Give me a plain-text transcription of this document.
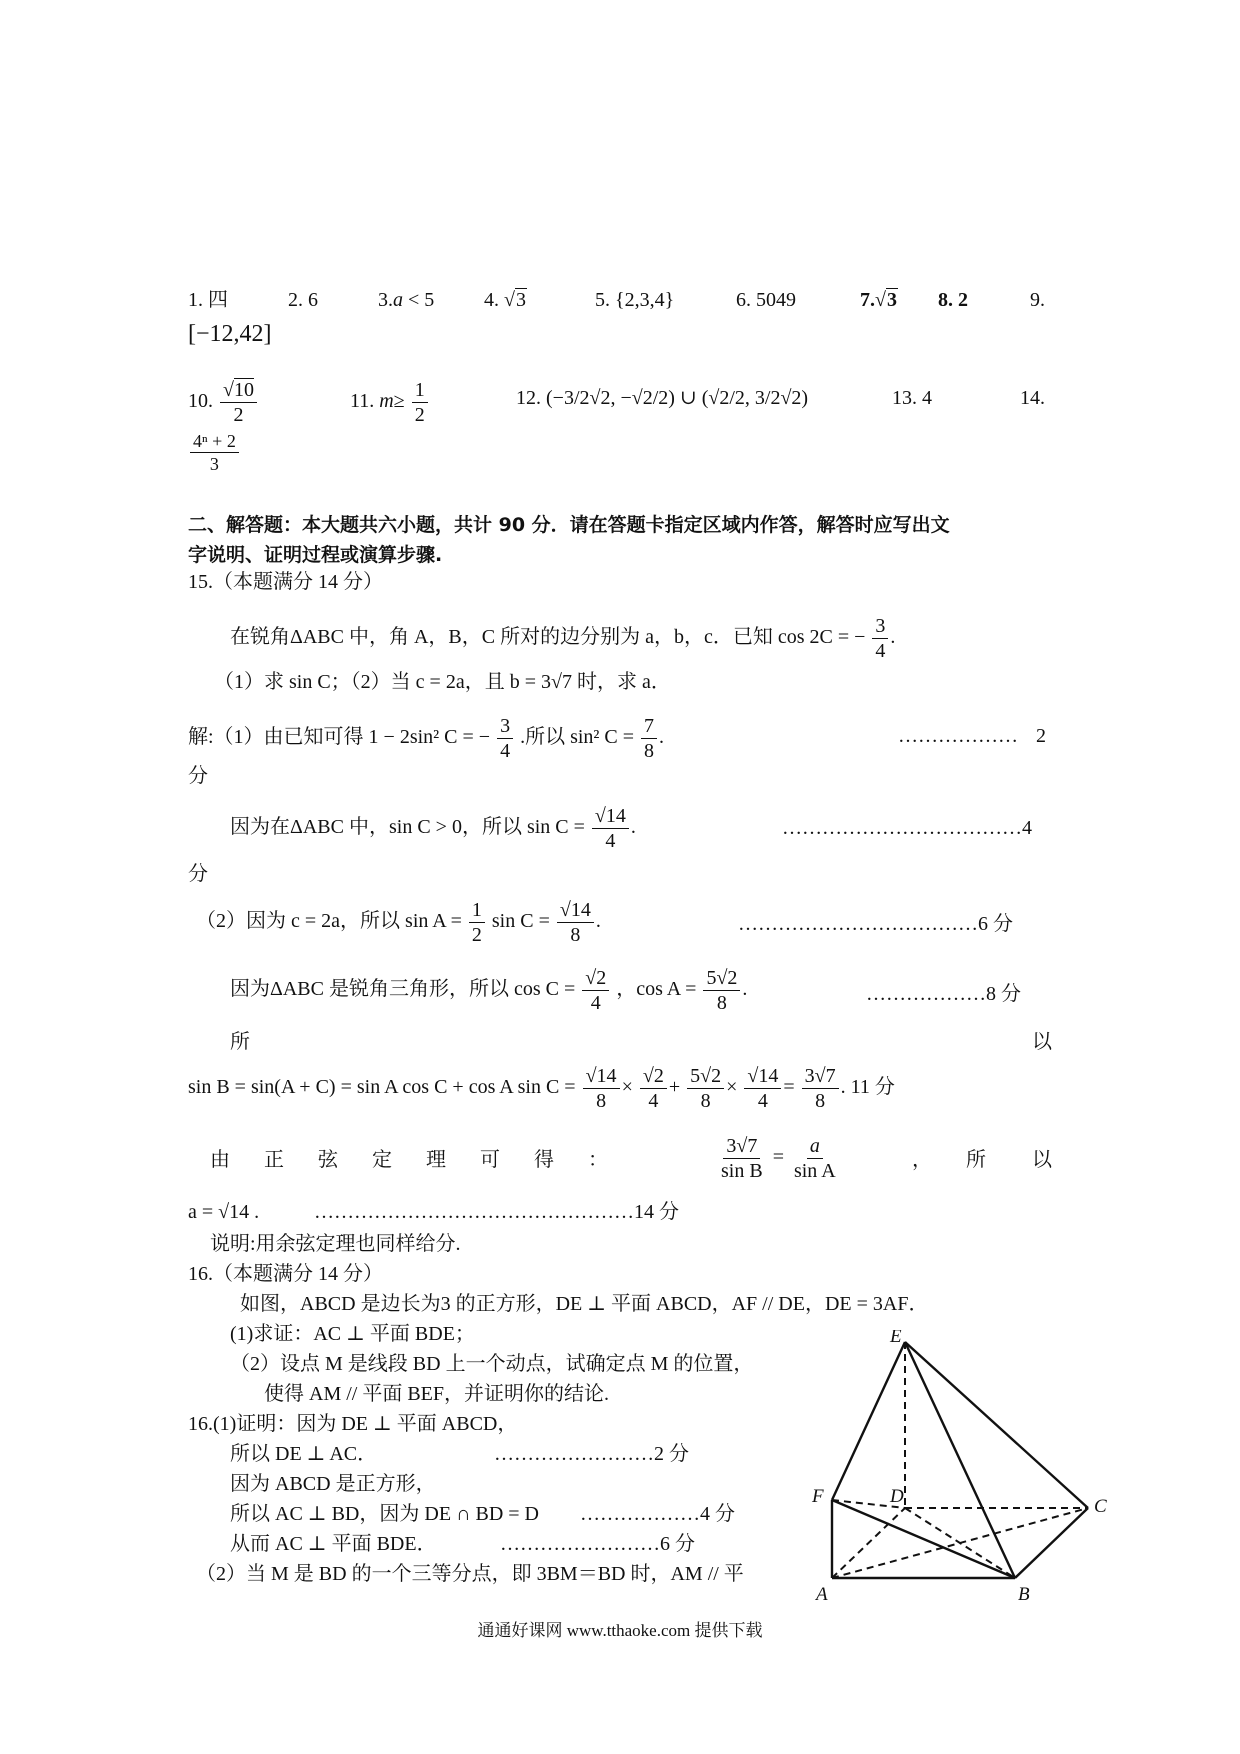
1. 四	2. 6	3.a < 5 4. √3	5. {2,3,4}	6. 5049	7.√3 8. 2	9.
[−12,42]
10. $\frac{√10}{2}$	11. $m\ge \frac{1}{2}$	12. (−3/2√2, −√2/2) ∪ (√2/2, 3/2√2)	13. 4	14.
$\frac{\text{4ⁿ + 2}}{3}$
二、解答题：本大题共六小题，共计 90 分．请在答题卡指定区域内作答，解答时应写出文
字说明、证明过程或演算步骤.
15.（本题满分 14 分）
在锐角ΔABC 中，角 A，B，C 所对的边分别为 a，b，c．已知 cos 2C = − $\frac{3}{4}$ .
（1）求 sin C；（2）当 c = 2a，且 b = 3√7 时，求 a．
解:（1）由已知可得 1 − 2sin² C = − $\frac{3}{4}$ .所以 sin² $C = \frac{7}{8}$ .	……………… 2
分
因为在ΔABC 中，sin C > 0，所以 $\sin C = \frac{√14}{4}$ .	………………………………4
分
（2）因为 c = 2a，所以 $\sin A = \frac{1}{2}$ $\sin C = \frac{√14}{8}$ .	………………………………6 分
因为ΔABC 是锐角三角形，所以 $\cos C = \frac{√2}{4}$ ，$\cos A = \frac{5√2}{8}$ .	………………8 分
所	以
sin B = sin(A + C) = sin A cos C + cos A $\sin C = \frac{√14}{8} \times \frac{√2}{4} + \frac{5√2}{8} \times \frac{√14}{4} = \frac{3√7}{8}$ . 11 分
由 正 弦 定 理 可 得 ：	$\frac{3√7}{\text{sin B}} = \frac{a}{\text{sin A}}$	， 所 以
a = √14 .	…………………………………………14 分
说明:用余弦定理也同样给分.
16.（本题满分 14 分）
如图，ABCD 是边长为3 的正方形，DE ⊥ 平面 ABCD，AF // DE，DE = 3AF．
(1)求证：AC ⊥ 平面 BDE；
（2）设点 M 是线段 BD 上一个动点，试确定点 M 的位置，
使得 AM // 平面 BEF，并证明你的结论.
16.(1)证明：因为 DE ⊥ 平面 ABCD，
所以 DE ⊥ AC．	……………………2 分
因为 ABCD 是正方形，
所以 AC ⊥ BD，因为 DE ∩ BD = D ………………4 分
从而 AC ⊥ 平面 BDE．	……………………6 分
（2）当 M 是 BD 的一个三等分点，即 3BM＝BD 时，AM // 平
E
F	D	C
A	B
通通好课网 www.tthaoke.com 提供下载
